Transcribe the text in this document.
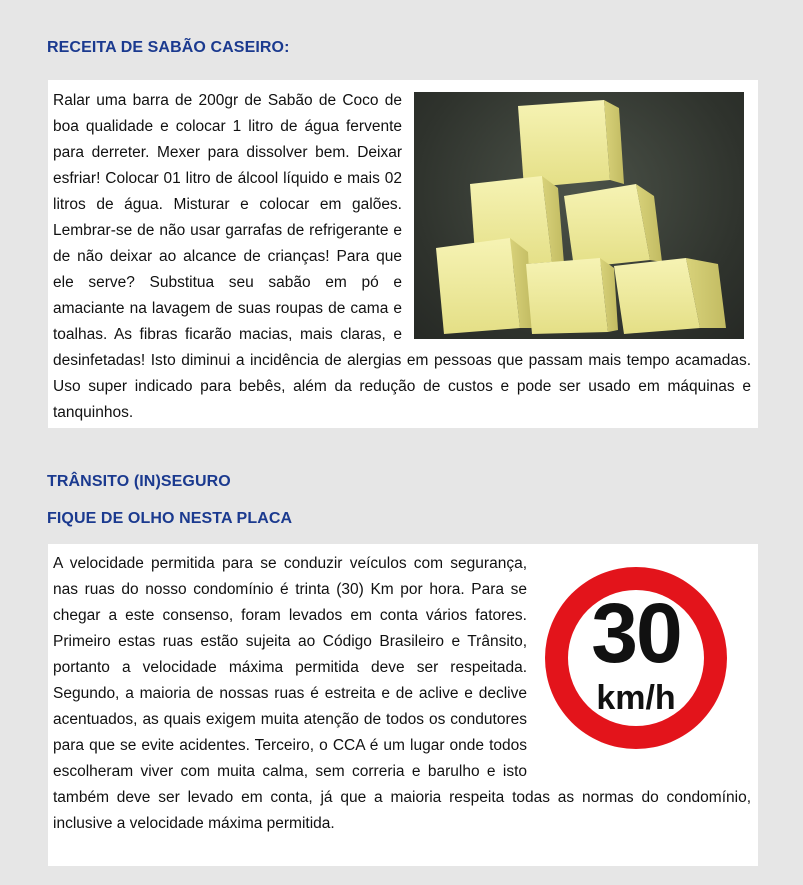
RECEITA DE SABÃO CASEIRO:

Ralar uma barra de 200gr de Sabão de Coco de boa qualidade e colocar 1 litro de água fervente para derreter. Mexer para dissolver bem. Deixar esfriar! Colocar 01 litro de álcool líquido e mais 02 litros de água. Misturar e colocar em galões. Lembrar-se de não usar garrafas de refrigerante e de não deixar ao alcance de crianças! Para que ele serve? Substitua seu sabão em pó e amaciante na lavagem de suas roupas de cama e toalhas. As fibras ficarão macias, mais claras, e desinfetadas! Isto diminui a incidência de alergias em pessoas que passam mais tempo acamadas. Uso super indicado para bebês, além da redução de custos e pode ser usado em máquinas e tanquinhos.

TRÂNSITO (IN)SEGURO
FIQUE DE OLHO NESTA PLACA

30
km/h
A velocidade permitida para se conduzir veículos com segurança, nas ruas do nosso condomínio é trinta (30) Km por hora. Para se chegar a este consenso, foram levados em conta vários fatores. Primeiro estas ruas estão sujeita ao Código Brasileiro e Trânsito, portanto a velocidade máxima permitida deve ser respeitada. Segundo, a maioria de nossas ruas é estreita e de aclive e declive acentuados, as quais exigem muita atenção de todos os condutores para que se evite acidentes. Terceiro, o CCA é um lugar onde todos escolheram viver com muita calma, sem correria e barulho e isto também deve ser levado em conta, já que a maioria respeita todas as normas do condomínio, inclusive a velocidade máxima permitida.
